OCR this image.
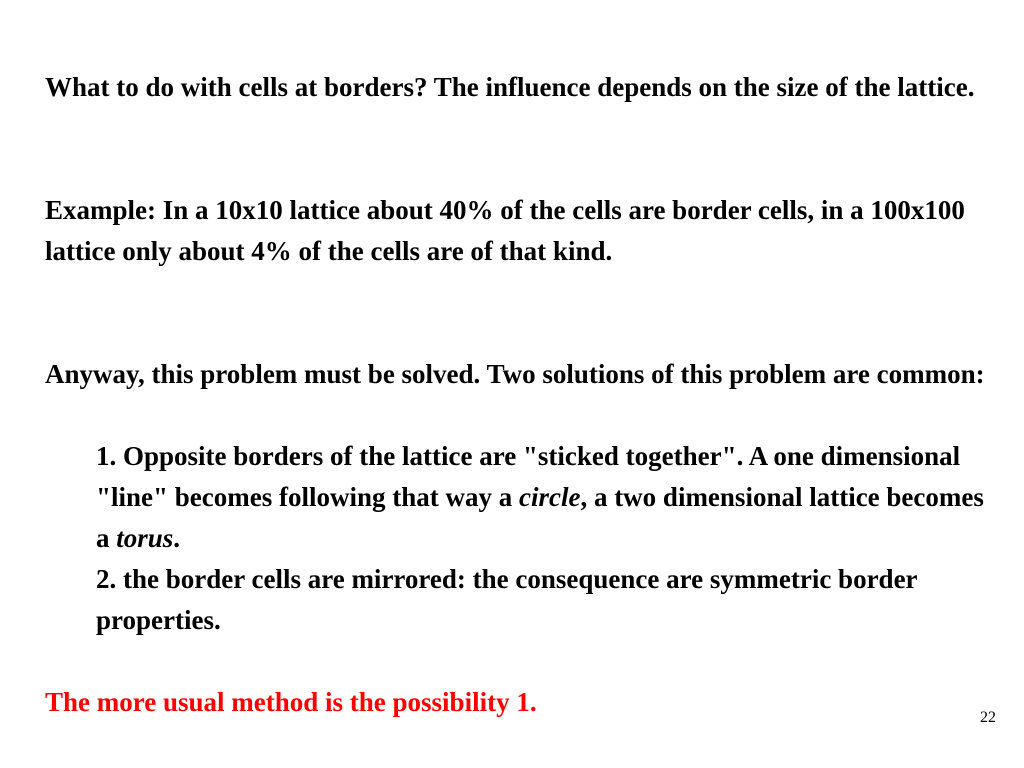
What to do with cells at borders? The influence depends on the size of the lattice.

Example: In a 10x10 lattice about 40% of the cells are border cells, in a 100x100 lattice only about 4% of the cells are of that kind.

Anyway, this problem must be solved. Two solutions of this problem are common:

1. Opposite borders of the lattice are "sticked together". A one dimensional "line" becomes following that way a circle, a two dimensional lattice becomes a torus.

2. the border cells are mirrored: the consequence are symmetric border properties.

The more usual method is the possibility 1.

22
